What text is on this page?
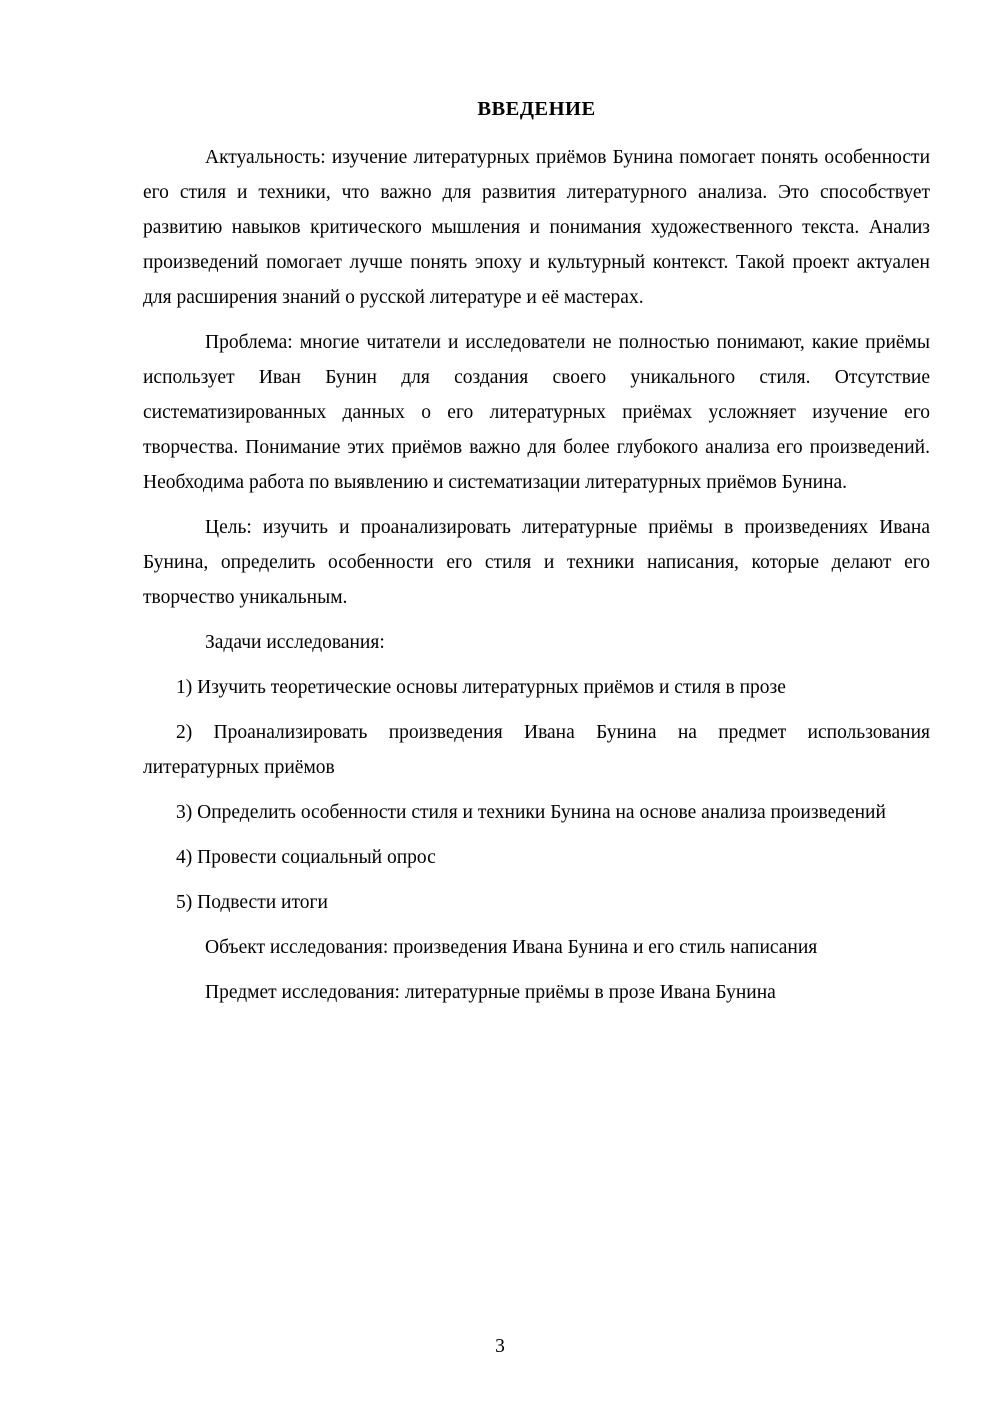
ВВЕДЕНИЕ

Актуальность: изучение литературных приёмов Бунина помогает понять особенности его стиля и техники, что важно для развития литературного анализа. Это способствует развитию навыков критического мышления и понимания художественного текста. Анализ произведений помогает лучше понять эпоху и культурный контекст. Такой проект актуален для расширения знаний о русской литературе и её мастерах.

Проблема: многие читатели и исследователи не полностью понимают, какие приёмы использует Иван Бунин для создания своего уникального стиля. Отсутствие систематизированных данных о его литературных приёмах усложняет изучение его творчества. Понимание этих приёмов важно для более глубокого анализа его произведений. Необходима работа по выявлению и систематизации литературных приёмов Бунина.

Цель: изучить и проанализировать литературные приёмы в произведениях Ивана Бунина, определить особенности его стиля и техники написания, которые делают его творчество уникальным.

Задачи исследования:

1) Изучить теоретические основы литературных приёмов и стиля в прозе

2) Проанализировать произведения Ивана Бунина на предмет использования литературных приёмов

3) Определить особенности стиля и техники Бунина на основе анализа произведений

4) Провести социальный опрос

5) Подвести итоги

Объект исследования: произведения Ивана Бунина и его стиль написания

Предмет исследования: литературные приёмы в прозе Ивана Бунина

3
